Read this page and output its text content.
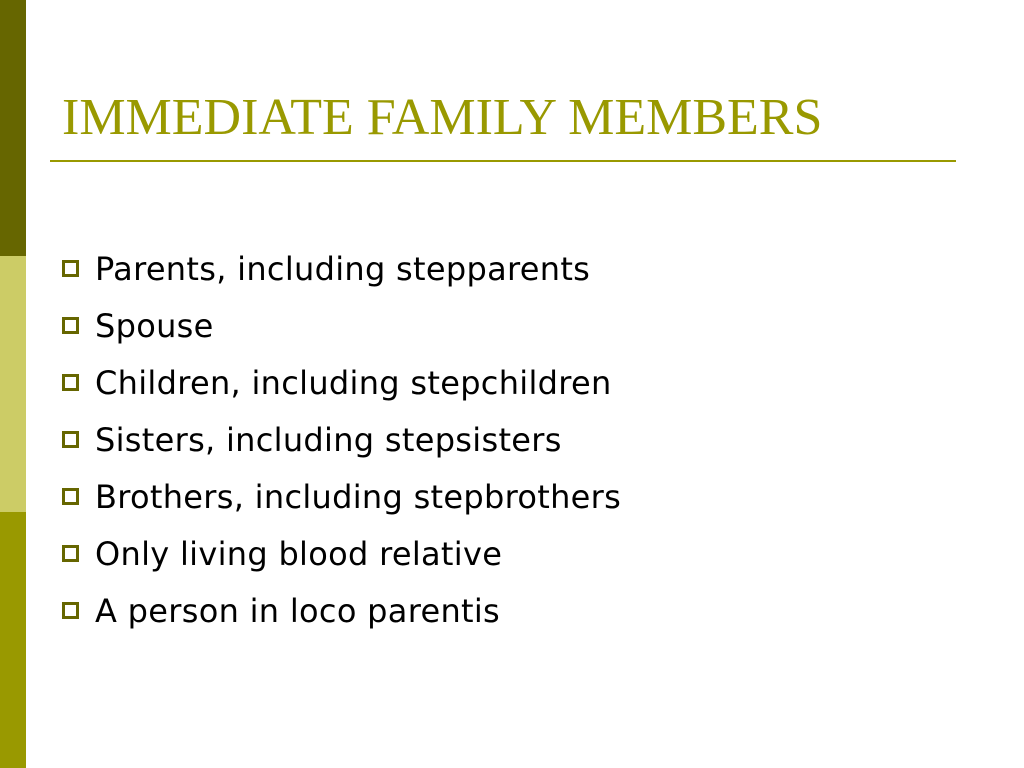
IMMEDIATE FAMILY MEMBERS
Parents, including stepparents
Spouse
Children, including stepchildren
Sisters, including stepsisters
Brothers, including stepbrothers
Only living blood relative
A person in loco parentis
